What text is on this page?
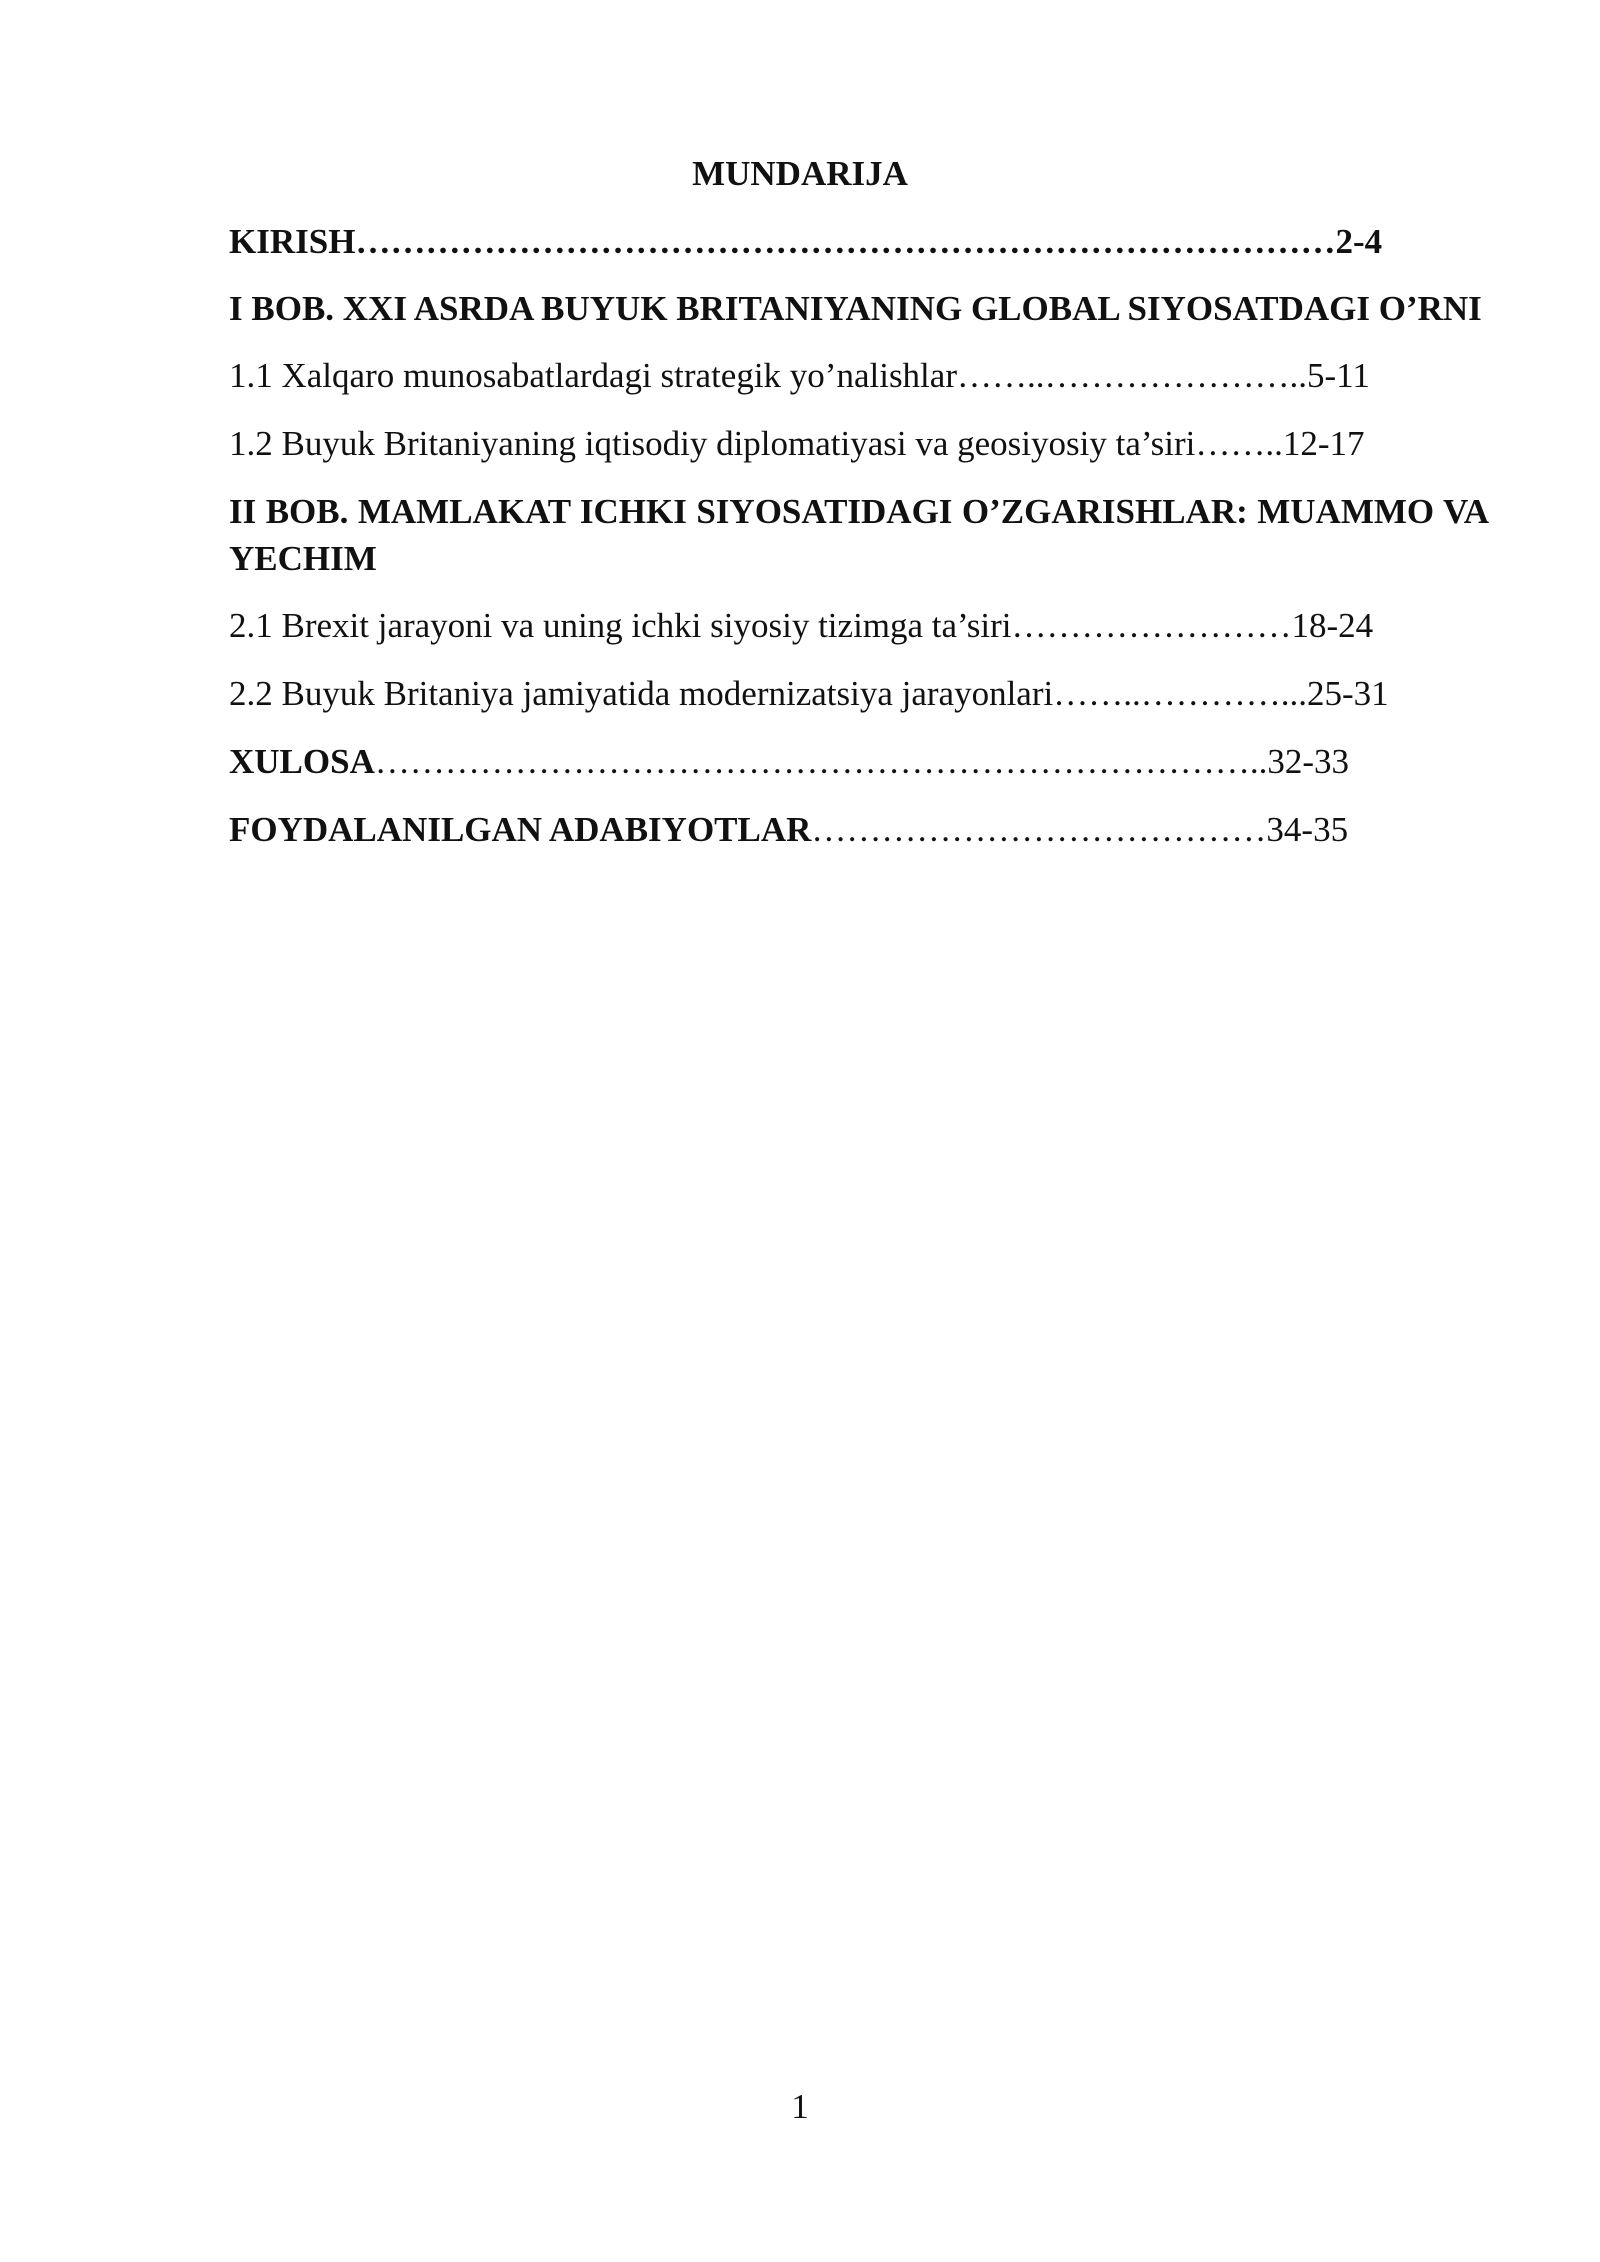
MUNDARIJA

KIRISH…………………………………………………………………………2-4

I BOB. XXI ASRDA BUYUK BRITANIYANING GLOBAL SIYOSATDAGI O’RNI

1.1 Xalqaro munosabatlardagi strategik yo’nalishlar……..…………………..5-11

1.2 Buyuk Britaniyaning iqtisodiy diplomatiyasi va geosiyosiy ta’siri……..12-17

II BOB. MAMLAKAT ICHKI SIYOSATIDAGI O’ZGARISHLAR: MUAMMO VA YECHIM

2.1 Brexit jarayoni va uning ichki siyosiy tizimga ta’siri……………………18-24

2.2 Buyuk Britaniya jamiyatida modernizatsiya jarayonlari……..…………...25-31

XULOSA…………………………………………………………………..32-33

FOYDALANILGAN ADABIYOTLAR…………………………………34-35

1
